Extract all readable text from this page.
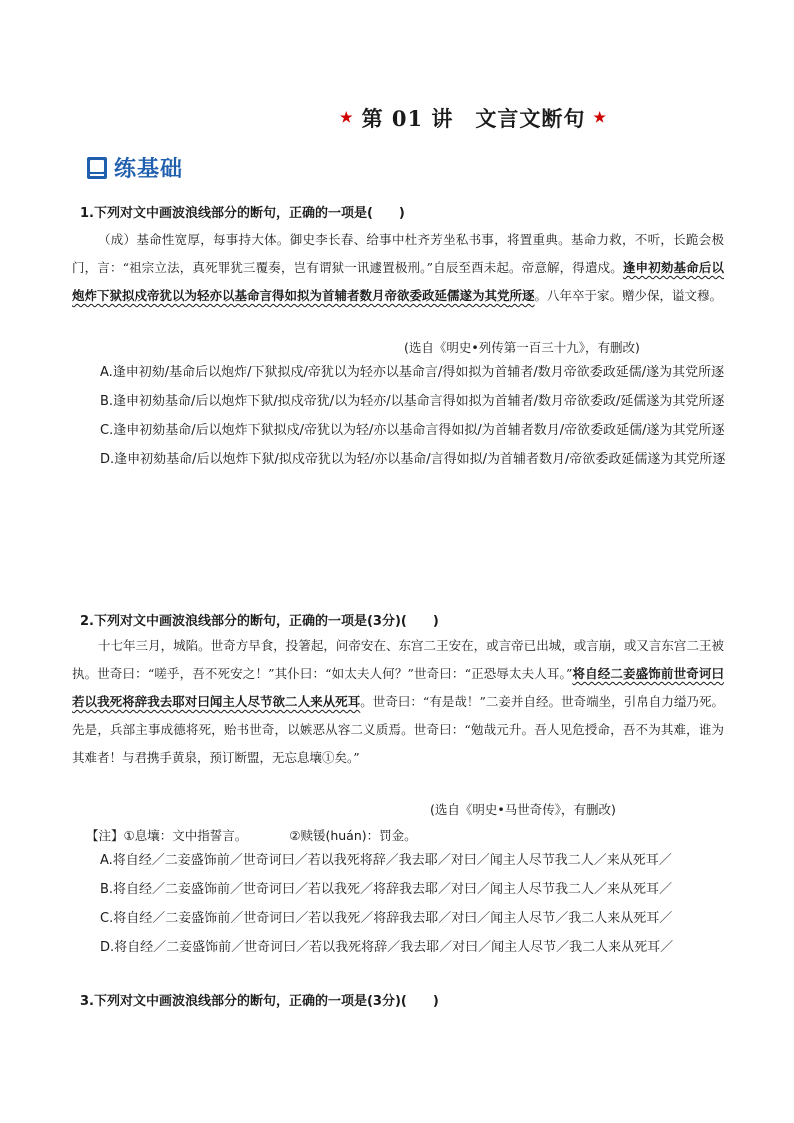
★ 第 01 讲　文言文断句 ★
练基础
1.下列对文中画波浪线部分的断句，正确的一项是(　　)
（成）基命性宽厚，每事持大体。御史李长春、给事中杜齐芳坐私书事，将置重典。基命力救，不听，长跪会极门，言：“祖宗立法，真死罪犹三覆奏，岂有谓狱一讯遽置极刑。”自辰至酉未起。帝意解，得遣戍。逢申初劾基命后以炮炸下狱拟戍帝犹以为轻亦以基命言得如拟为首辅者数月帝欲委政延儒遂为其党所逐。八年卒于家。赠少保，谥文穆。
(选自《明史•列传第一百三十九》，有删改)

A.逢申初劾/基命后以炮炸/下狱拟戍/帝犹以为轻亦以基命言/得如拟为首辅者/数月帝欲委政延儒/遂为其党所逐

B.逢申初劾基命/后以炮炸下狱/拟戍帝犹/以为轻亦/以基命言得如拟为首辅者/数月帝欲委政/延儒遂为其党所逐

C.逢申初劾基命/后以炮炸下狱拟戍/帝犹以为轻/亦以基命言得如拟/为首辅者数月/帝欲委政延儒/遂为其党所逐

D.逢申初劾基命/后以炮炸下狱/拟戍帝犹以为轻/亦以基命/言得如拟/为首辅者数月/帝欲委政延儒遂为其党所逐

2.下列对文中画波浪线部分的断句，正确的一项是(3分)(　　)
十七年三月，城陷。世奇方早食，投箸起，问帝安在、东宫二王安在，或言帝已出城，或言崩，或又言东宫二王被执。世奇曰：“嗟乎，吾不死安之！”其仆曰：“如太夫人何？”世奇曰：“正恐辱太夫人耳。”将自经二妾盛饰前世奇诃曰若以我死将辞我去耶对曰闻主人尽节欲二人来从死耳。世奇曰：“有是哉！”二妾并自经。世奇端坐，引帛自力缢乃死。先是，兵部主事成德将死，贻书世奇，以嫉恶从容二义质焉。世奇曰：“勉哉元升。吾人见危授命，吾不为其难，谁为其难者！与君携手黄泉，预订断盟，无忘息壤①矣。”
(选自《明史•马世奇传》，有删改)
【注】①息壤：文中指誓言。	②赎锾(huán)：罚金。
A.将自经／二妾盛饰前／世奇诃曰／若以我死将辞／我去耶／对曰／闻主人尽节我二人／来从死耳／
B.将自经／二妾盛饰前／世奇诃曰／若以我死／将辞我去耶／对曰／闻主人尽节我二人／来从死耳／
C.将自经／二妾盛饰前／世奇诃曰／若以我死／将辞我去耶／对曰／闻主人尽节／我二人来从死耳／
D.将自经／二妾盛饰前／世奇诃曰／若以我死将辞／我去耶／对曰／闻主人尽节／我二人来从死耳／
3.下列对文中画波浪线部分的断句，正确的一项是(3分)(　　)
